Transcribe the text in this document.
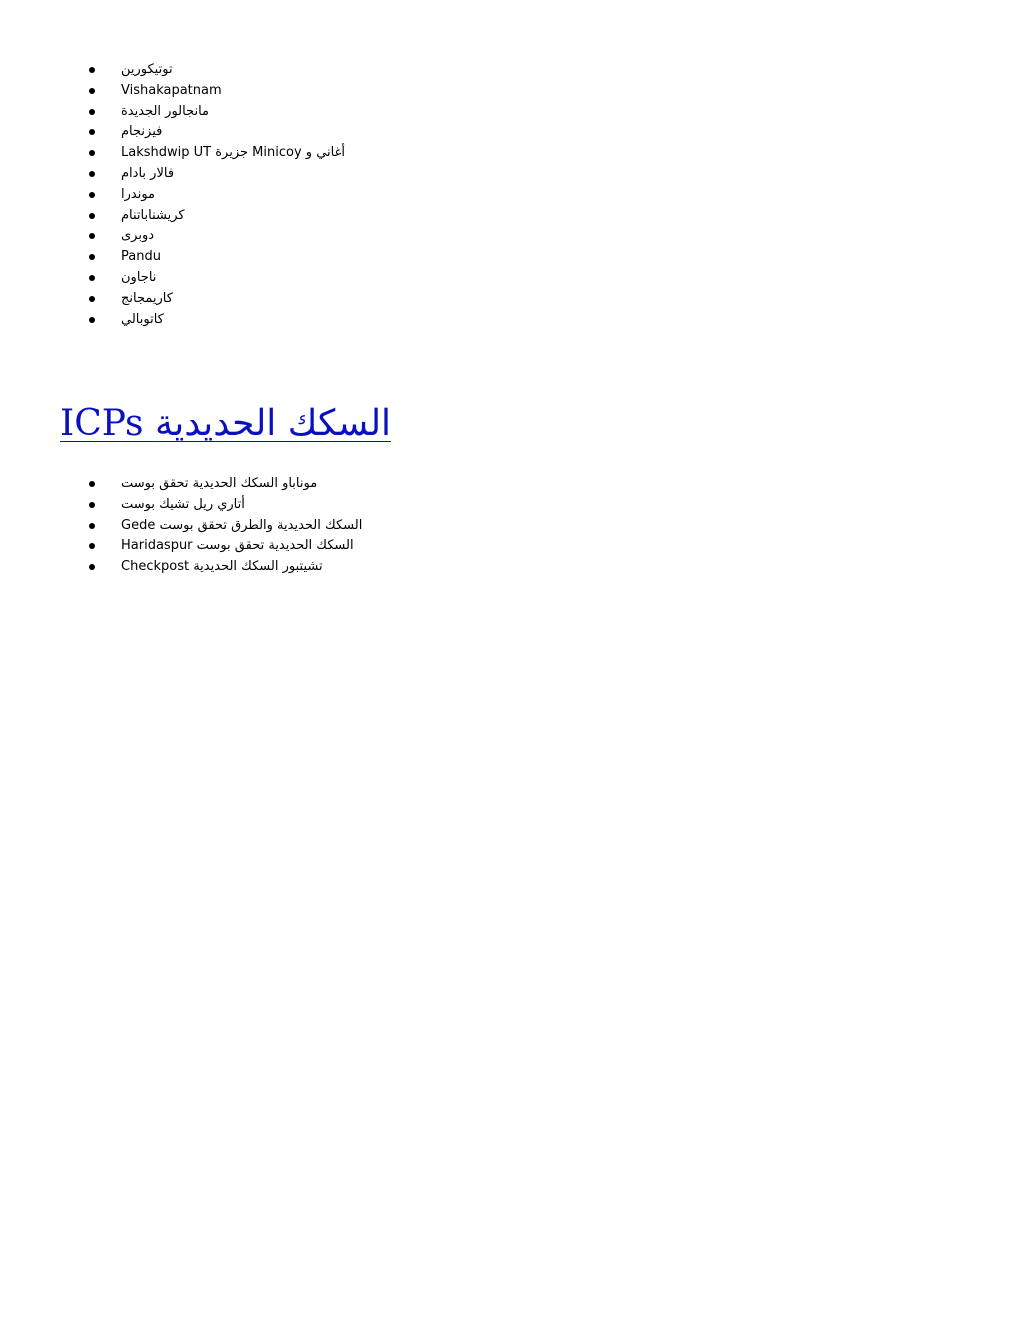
توتيكورين
Vishakapatnam
مانجالور الجديدة
فيزنجام
Lakshdwip UT جزيرة Minicoy أغاني و
فالار بادام
موندرا
كريشناباتنام
دوبرى
Pandu
ناجاون
كاريمجانج
كاتوبالي
ICPs السكك الحديدية
موناباو السكك الحديدية تحقق بوست
أتاري ريل تشيك بوست
السكك الحديدية والطرق تحقق بوست Gede
السكك الحديدية تحقق بوست Haridaspur
تشيتبور السكك الحديدية Checkpost
